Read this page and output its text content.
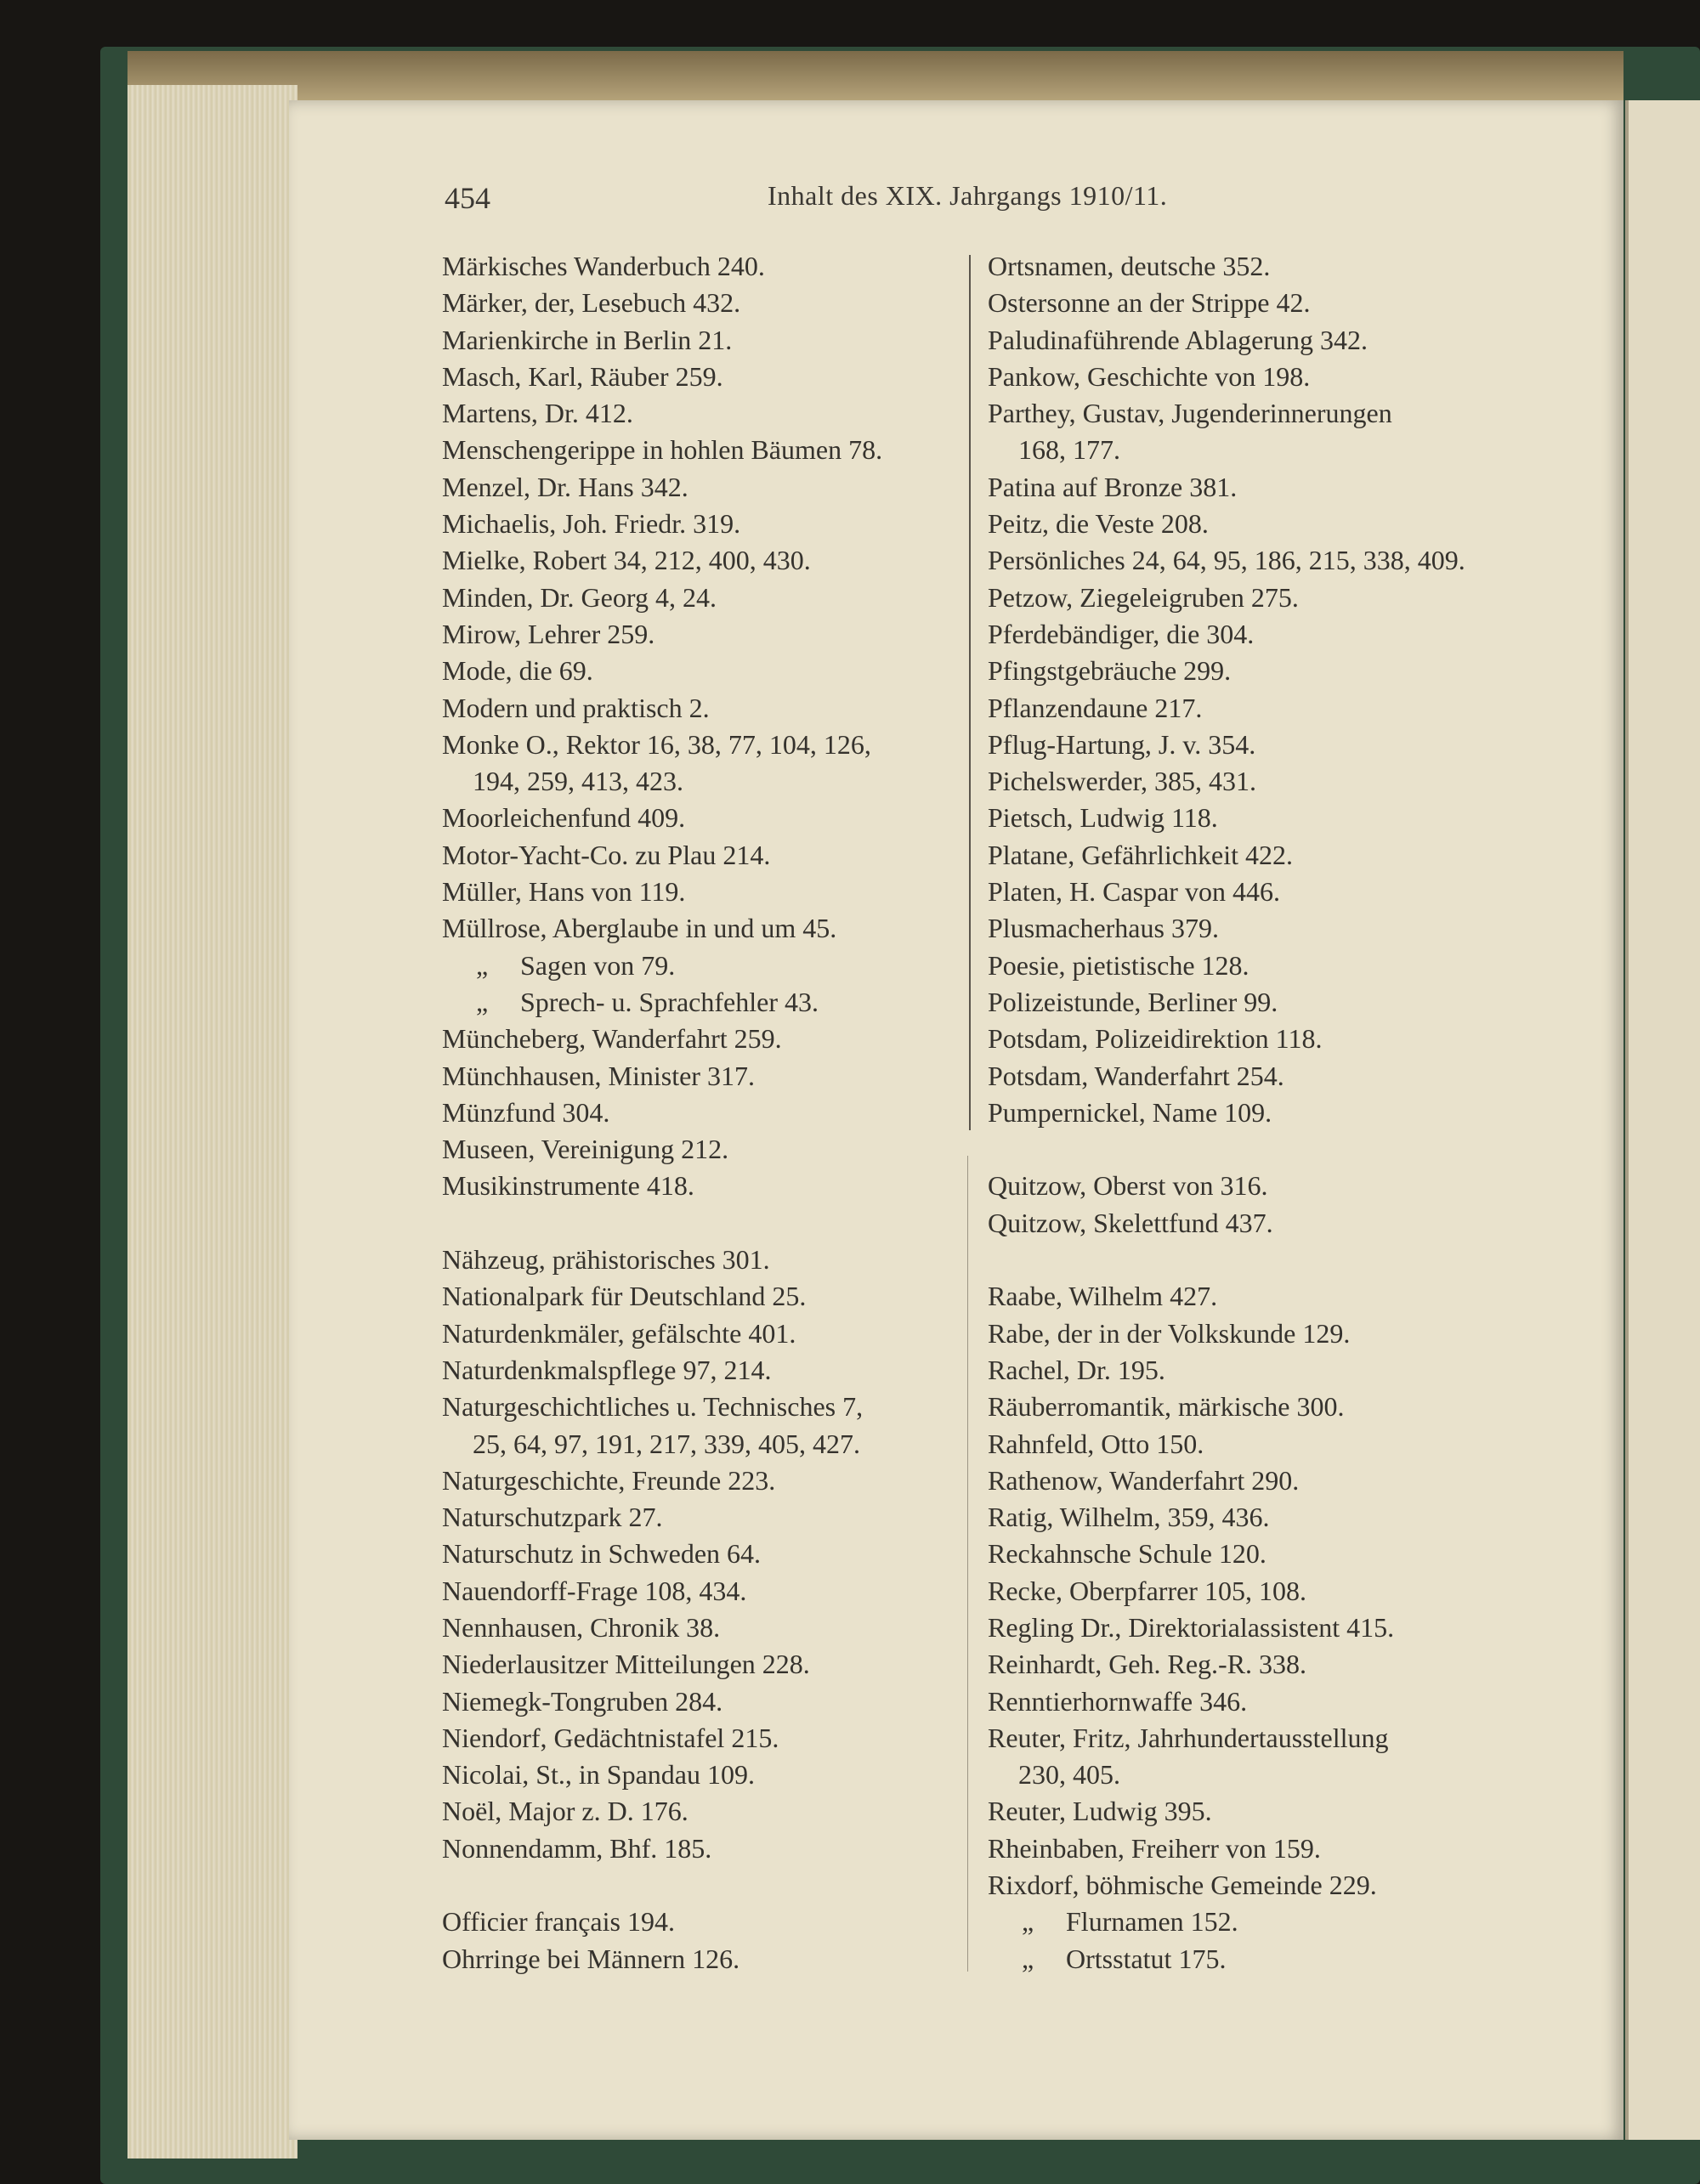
454	Inhalt des XIX. Jahrgangs 1910/11.
Märkisches Wanderbuch 240.
Märker, der, Lesebuch 432.
Marienkirche in Berlin 21.
Masch, Karl, Räuber 259.
Martens, Dr. 412.
Menschengerippe in hohlen Bäumen 78.
Menzel, Dr. Hans 342.
Michaelis, Joh. Friedr. 319.
Mielke, Robert 34, 212, 400, 430.
Minden, Dr. Georg 4, 24.
Mirow, Lehrer 259.
Mode, die 69.
Modern und praktisch 2.
Monke O., Rektor 16, 38, 77, 104, 126,
194, 259, 413, 423.
Moorleichenfund 409.
Motor-Yacht-Co. zu Plau 214.
Müller, Hans von 119.
Müllrose, Aberglaube in und um 45.
„ Sagen von 79.
„ Sprech- u. Sprachfehler 43.
Müncheberg, Wanderfahrt 259.
Münchhausen, Minister 317.
Münzfund 304.
Museen, Vereinigung 212.
Musikinstrumente 418.
Nähzeug, prähistorisches 301.
Nationalpark für Deutschland 25.
Naturdenkmäler, gefälschte 401.
Naturdenkmalspflege 97, 214.
Naturgeschichtliches u. Technisches 7,
25, 64, 97, 191, 217, 339, 405, 427.
Naturgeschichte, Freunde 223.
Naturschutzpark 27.
Naturschutz in Schweden 64.
Nauendorff-Frage 108, 434.
Nennhausen, Chronik 38.
Niederlausitzer Mitteilungen 228.
Niemegk-Tongruben 284.
Niendorf, Gedächtnistafel 215.
Nicolai, St., in Spandau 109.
Noël, Major z. D. 176.
Nonnendamm, Bhf. 185.
Officier français 194.
Ohrringe bei Männern 126.
Ortsnamen, deutsche 352.
Ostersonne an der Strippe 42.
Paludinaführende Ablagerung 342.
Pankow, Geschichte von 198.
Parthey, Gustav, Jugenderinnerungen
168, 177.
Patina auf Bronze 381.
Peitz, die Veste 208.
Persönliches 24, 64, 95, 186, 215, 338, 409.
Petzow, Ziegeleigruben 275.
Pferdebändiger, die 304.
Pfingstgebräuche 299.
Pflanzendaune 217.
Pflug-Hartung, J. v. 354.
Pichelswerder, 385, 431.
Pietsch, Ludwig 118.
Platane, Gefährlichkeit 422.
Platen, H. Caspar von 446.
Plusmacherhaus 379.
Poesie, pietistische 128.
Polizeistunde, Berliner 99.
Potsdam, Polizeidirektion 118.
Potsdam, Wanderfahrt 254.
Pumpernickel, Name 109.
Quitzow, Oberst von 316.
Quitzow, Skelettfund 437.
Raabe, Wilhelm 427.
Rabe, der in der Volkskunde 129.
Rachel, Dr. 195.
Räuberromantik, märkische 300.
Rahnfeld, Otto 150.
Rathenow, Wanderfahrt 290.
Ratig, Wilhelm, 359, 436.
Reckahnsche Schule 120.
Recke, Oberpfarrer 105, 108.
Regling Dr., Direktorialassistent 415.
Reinhardt, Geh. Reg.-R. 338.
Renntierhornwaffe 346.
Reuter, Fritz, Jahrhundertausstellung
230, 405.
Reuter, Ludwig 395.
Rheinbaben, Freiherr von 159.
Rixdorf, böhmische Gemeinde 229.
„ Flurnamen 152.
„ Ortsstatut 175.
